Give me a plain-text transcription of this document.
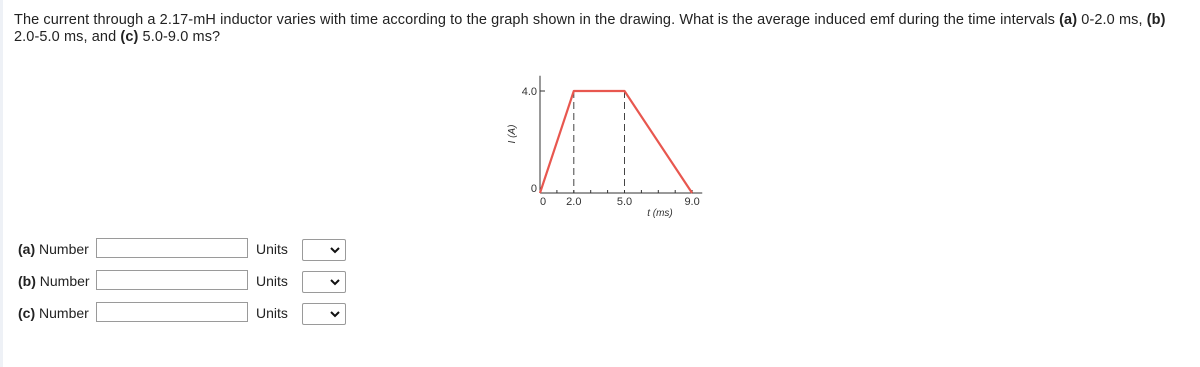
The current through a 2.17-mH inductor varies with time according to the graph shown in the drawing. What is the average induced emf during the time intervals (a) 0-2.0 ms, (b) 2.0-5.0 ms, and (c) 5.0-9.0 ms?
0 2.0	5.0	9.0
0
4.0
I (A)
t (ms)
(a) Number	Units
(b) Number	Units
(c) Number	Units
